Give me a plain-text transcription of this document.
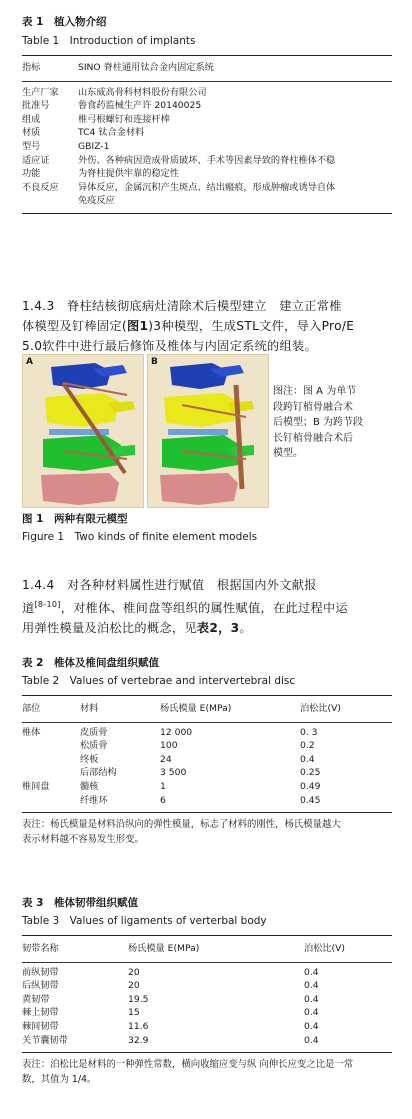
表 1　植入物介绍
Table 1　Introduction of implants
指标	SINO 脊柱通用钛合金内固定系统
生产厂家	山东威高骨科材料股份有限公司
批准号	鲁食药监械生产许 20140025
组成	椎弓根螺钉和连接杆棒
材质	TC4 钛合金材料
型号	GBIZ-1
适应证	外伤、各种病因造成骨质破坏、手术等因素导致的脊柱椎体不稳
功能	为脊柱提供牢靠的稳定性
不良反应	异体反应，金属沉积产生斑点、结出瘢痕，形成肿瘤或诱导自体
	免疫反应
1.4.3　脊柱结核彻底病灶清除术后模型建立　建立正常椎
体模型及钉棒固定(图1)3种模型，生成STL文件，导入Pro/E
5.0软件中进行最后修饰及椎体与内固定系统的组装。
A	B
图注：图 A 为单节
段跨钉植骨融合术
后模型；B 为跨节段
长钉植骨融合术后
模型。
图 1　两种有限元模型
Figure 1　Two kinds of finite element models
1.4.4　对各种材料属性进行赋值　根据国内外文献报
道[8-10]，对椎体、椎间盘等组织的属性赋值，在此过程中运
用弹性模量及泊松比的概念，见表2，3。
表 2　椎体及椎间盘组织赋值
Table 2　Values of vertebrae and intervertebral disc
部位	材料	杨氏模量 E(MPa)	泊松比(V)
椎体	皮质骨	12 000	0. 3
	松质骨	100	0.2
	终板	24	0.4
	后部结构	3 500	0.25
椎间盘	髓核	1	0.49
	纤维环	6	0.45
表注：杨氏模量是材料沿纵向的弹性模量，标志了材料的刚性，杨氏模量越大
表示材料越不容易发生形变。
表 3　椎体韧带组织赋值
Table 3　Values of ligaments of verterbal body
韧带名称	杨氏模量 E(MPa)	泊松比(V)
前纵韧带	20	0.4
后纵韧带	20	0.4
黄韧带	19.5	0.4
棘上韧带	15	0.4
棘间韧带	11.6	0.4
关节囊韧带	32.9	0.4
表注：泊松比是材料的一种弹性常数，横向收缩应变与纵 向伸长应变之比是一常
数，其值为 1/4。
